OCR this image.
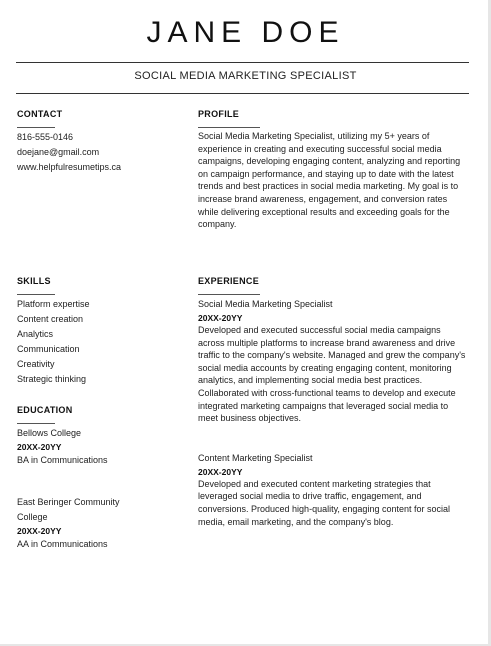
JANE DOE
SOCIAL MEDIA MARKETING SPECIALIST
CONTACT
816-555-0146
doejane@gmail.com
www.helpfulresumetips.ca
PROFILE
Social Media Marketing Specialist, utilizing my 5+ years of experience in creating and executing successful social media campaigns, developing engaging content, analyzing and reporting on campaign performance, and staying up to date with the latest trends and best practices in social media marketing. My goal is to increase brand awareness, engagement, and conversion rates while delivering exceptional results and exceeding goals for the company.
SKILLS
Platform expertise
Content creation
Analytics
Communication
Creativity
Strategic thinking
EXPERIENCE
Social Media Marketing Specialist
20XX-20YY
Developed and executed successful social media campaigns across multiple platforms to increase brand awareness and drive traffic to the company's website. Managed and grew the company's social media accounts by creating engaging content, monitoring analytics, and implementing social media best practices. Collaborated with cross-functional teams to develop and execute integrated marketing campaigns that leveraged social media to meet business objectives.
Content Marketing Specialist
20XX-20YY
Developed and executed content marketing strategies that leveraged social media to drive traffic, engagement, and conversions. Produced high-quality, engaging content for social media, email marketing, and the company's blog.
EDUCATION
Bellows College
20XX-20YY
BA in Communications
East Beringer Community College
20XX-20YY
AA in Communications
